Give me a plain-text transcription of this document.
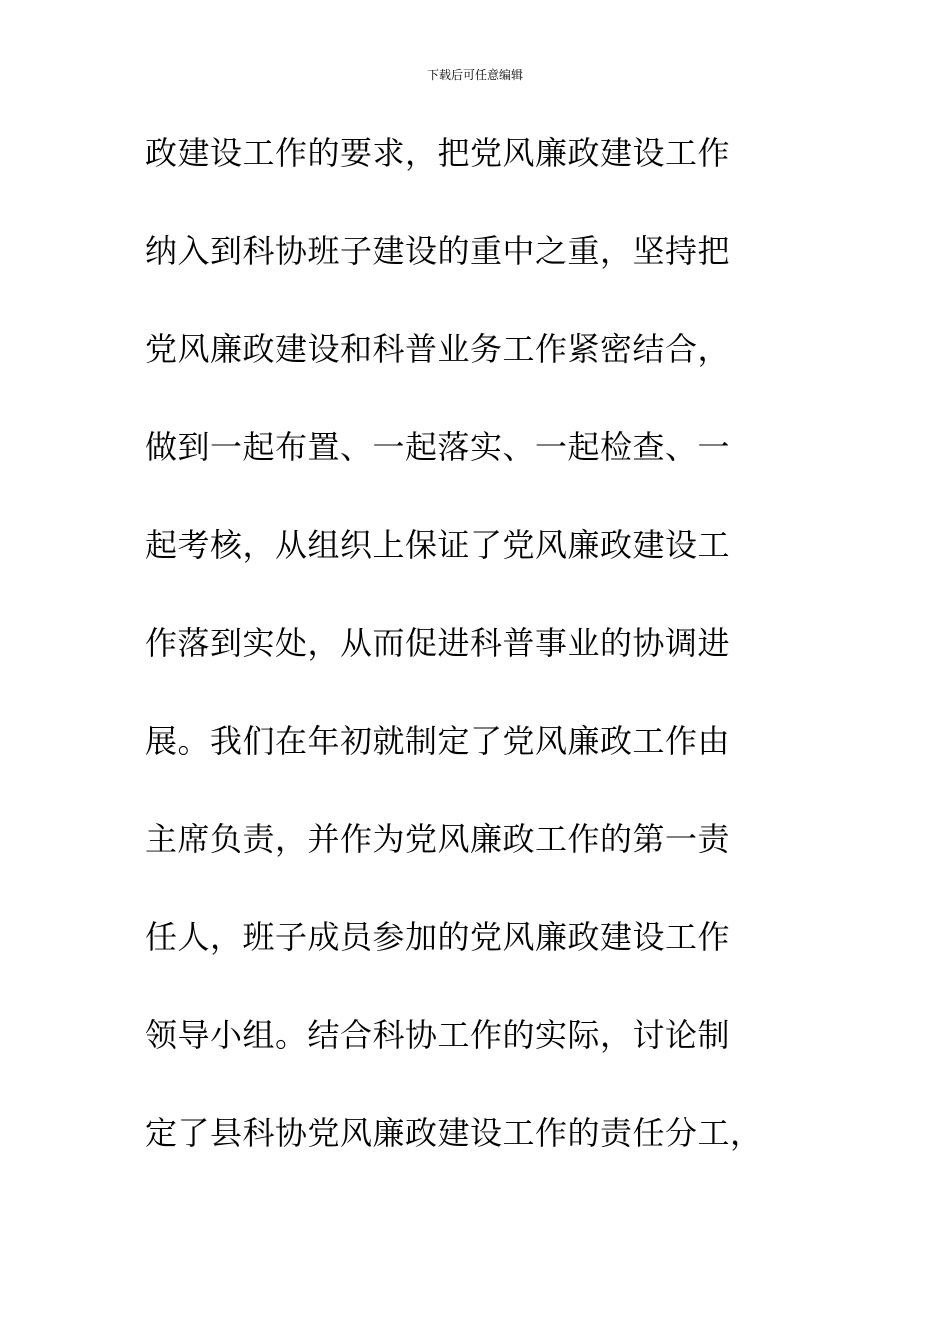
下载后可任意编辑
政建设工作的要求，把党风廉政建设工作
纳入到科协班子建设的重中之重，坚持把
党风廉政建设和科普业务工作紧密结合，
做到一起布置、一起落实、一起检查、一
起考核，从组织上保证了党风廉政建设工
作落到实处，从而促进科普事业的协调进
展。我们在年初就制定了党风廉政工作由
主席负责，并作为党风廉政工作的第一责
任人，班子成员参加的党风廉政建设工作
领导小组。结合科协工作的实际，讨论制
定了县科协党风廉政建设工作的责任分工，
